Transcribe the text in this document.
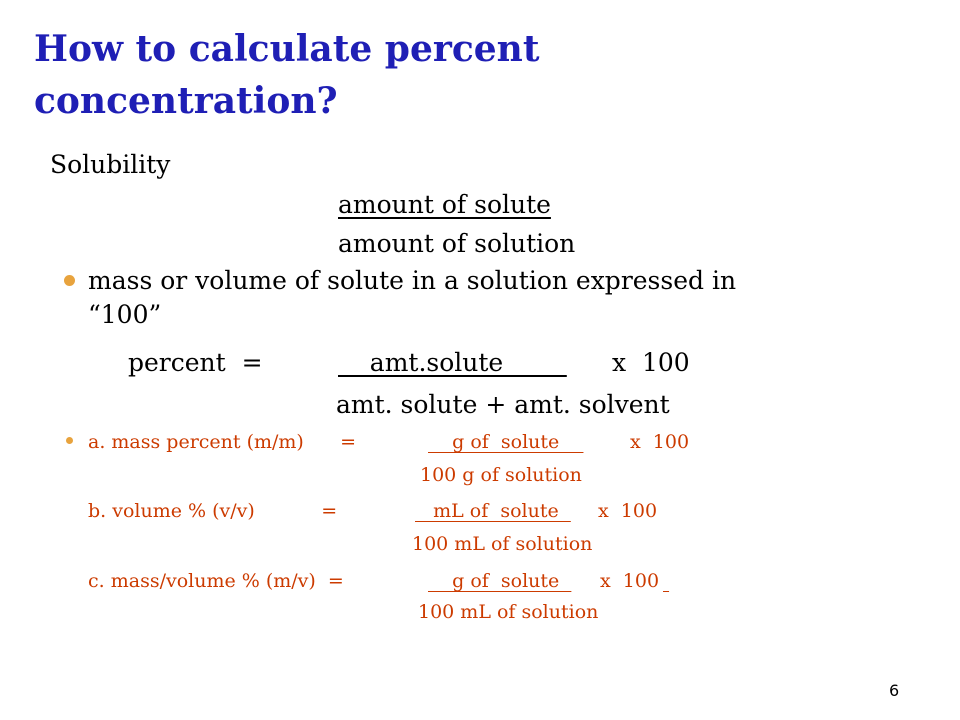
How to calculate percent
concentration?
Solubility
amount of solute
amount of solution
mass or volume of solute in a solution expressed in
“100”
percent  =	amt.solute x  100
amt. solute + amt. solvent
a. mass percent (m/m)      =	g of  solute x  100
100 g of solution
b. volume % (v/v)           =	mL of  solute x  100
100 mL of solution
c. mass/volume % (m/v)  =	g of  solute x  100

100 mL of solution
6
